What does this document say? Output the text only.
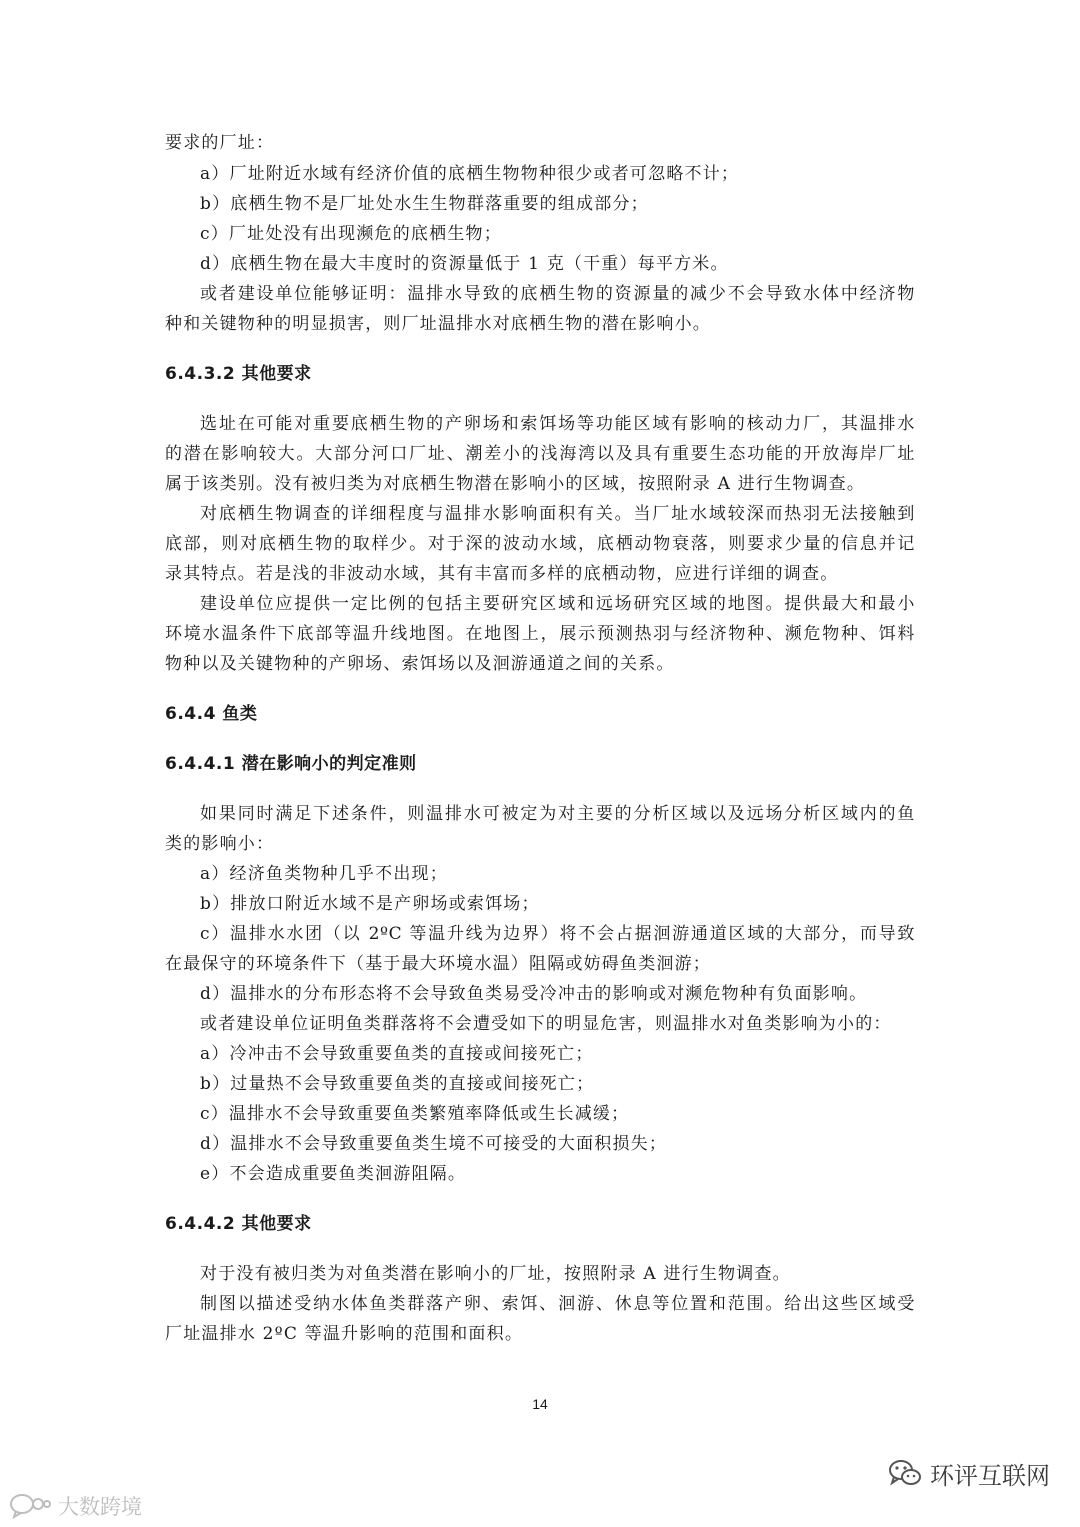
要求的厂址：
a）厂址附近水域有经济价值的底栖生物物种很少或者可忽略不计；
b）底栖生物不是厂址处水生生物群落重要的组成部分；
c）厂址处没有出现濒危的底栖生物；
d）底栖生物在最大丰度时的资源量低于 1 克（干重）每平方米。
或者建设单位能够证明：温排水导致的底栖生物的资源量的减少不会导致水体中经济物
种和关键物种的明显损害，则厂址温排水对底栖生物的潜在影响小。
6.4.3.2 其他要求
选址在可能对重要底栖生物的产卵场和索饵场等功能区域有影响的核动力厂，其温排水
的潜在影响较大。大部分河口厂址、潮差小的浅海湾以及具有重要生态功能的开放海岸厂址
属于该类别。没有被归类为对底栖生物潜在影响小的区域，按照附录 A 进行生物调查。
对底栖生物调查的详细程度与温排水影响面积有关。当厂址水域较深而热羽无法接触到
底部，则对底栖生物的取样少。对于深的波动水域，底栖动物衰落，则要求少量的信息并记
录其特点。若是浅的非波动水域，其有丰富而多样的底栖动物，应进行详细的调查。
建设单位应提供一定比例的包括主要研究区域和远场研究区域的地图。提供最大和最小
环境水温条件下底部等温升线地图。在地图上，展示预测热羽与经济物种、濒危物种、饵料
物种以及关键物种的产卵场、索饵场以及洄游通道之间的关系。
6.4.4 鱼类
6.4.4.1 潜在影响小的判定准则
如果同时满足下述条件，则温排水可被定为对主要的分析区域以及远场分析区域内的鱼
类的影响小：
a）经济鱼类物种几乎不出现；
b）排放口附近水域不是产卵场或索饵场；
c）温排水水团（以 2ºC 等温升线为边界）将不会占据洄游通道区域的大部分，而导致
在最保守的环境条件下（基于最大环境水温）阻隔或妨碍鱼类洄游；
d）温排水的分布形态将不会导致鱼类易受冷冲击的影响或对濒危物种有负面影响。
或者建设单位证明鱼类群落将不会遭受如下的明显危害，则温排水对鱼类影响为小的：
a）冷冲击不会导致重要鱼类的直接或间接死亡；
b）过量热不会导致重要鱼类的直接或间接死亡；
c）温排水不会导致重要鱼类繁殖率降低或生长减缓；
d）温排水不会导致重要鱼类生境不可接受的大面积损失；
e）不会造成重要鱼类洄游阻隔。
6.4.4.2 其他要求
对于没有被归类为对鱼类潜在影响小的厂址，按照附录 A 进行生物调查。
制图以描述受纳水体鱼类群落产卵、索饵、洄游、休息等位置和范围。给出这些区域受
厂址温排水 2ºC 等温升影响的范围和面积。
14
环评互联网
大数跨境
